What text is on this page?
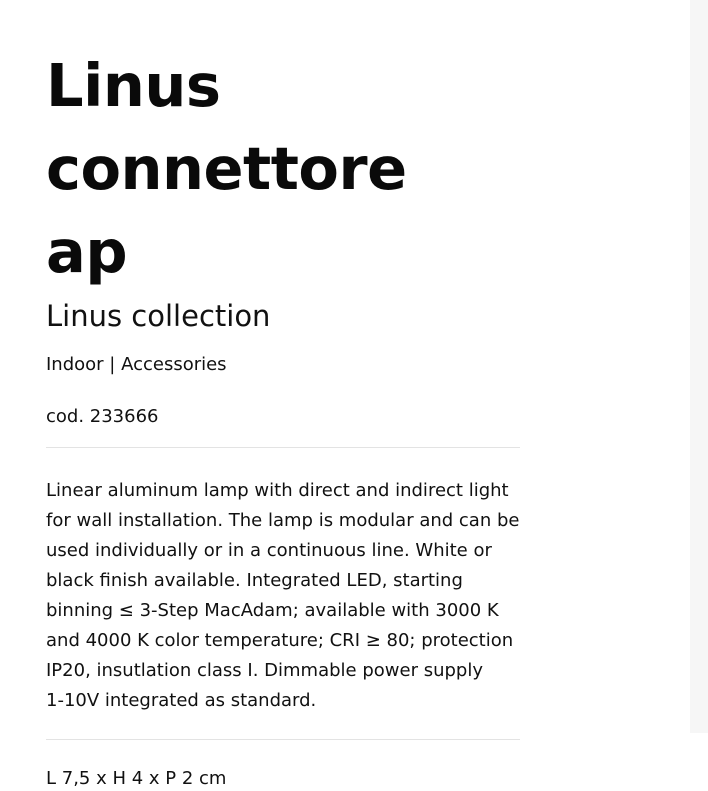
Linus connettore
ap
Linus collection

Indoor | Accessories

cod. 233666

Linear aluminum lamp with direct and indirect light
for wall installation. The lamp is modular and can be
used individually or in a continuous line. White or
black finish available. Integrated LED, starting
binning ≤ 3-Step MacAdam; available with 3000 K
and 4000 K color temperature; CRI ≥ 80; protection
IP20, insutlation class I. Dimmable power supply
1-10V integrated as standard.

L 7,5 x H 4 x P 2 cm
